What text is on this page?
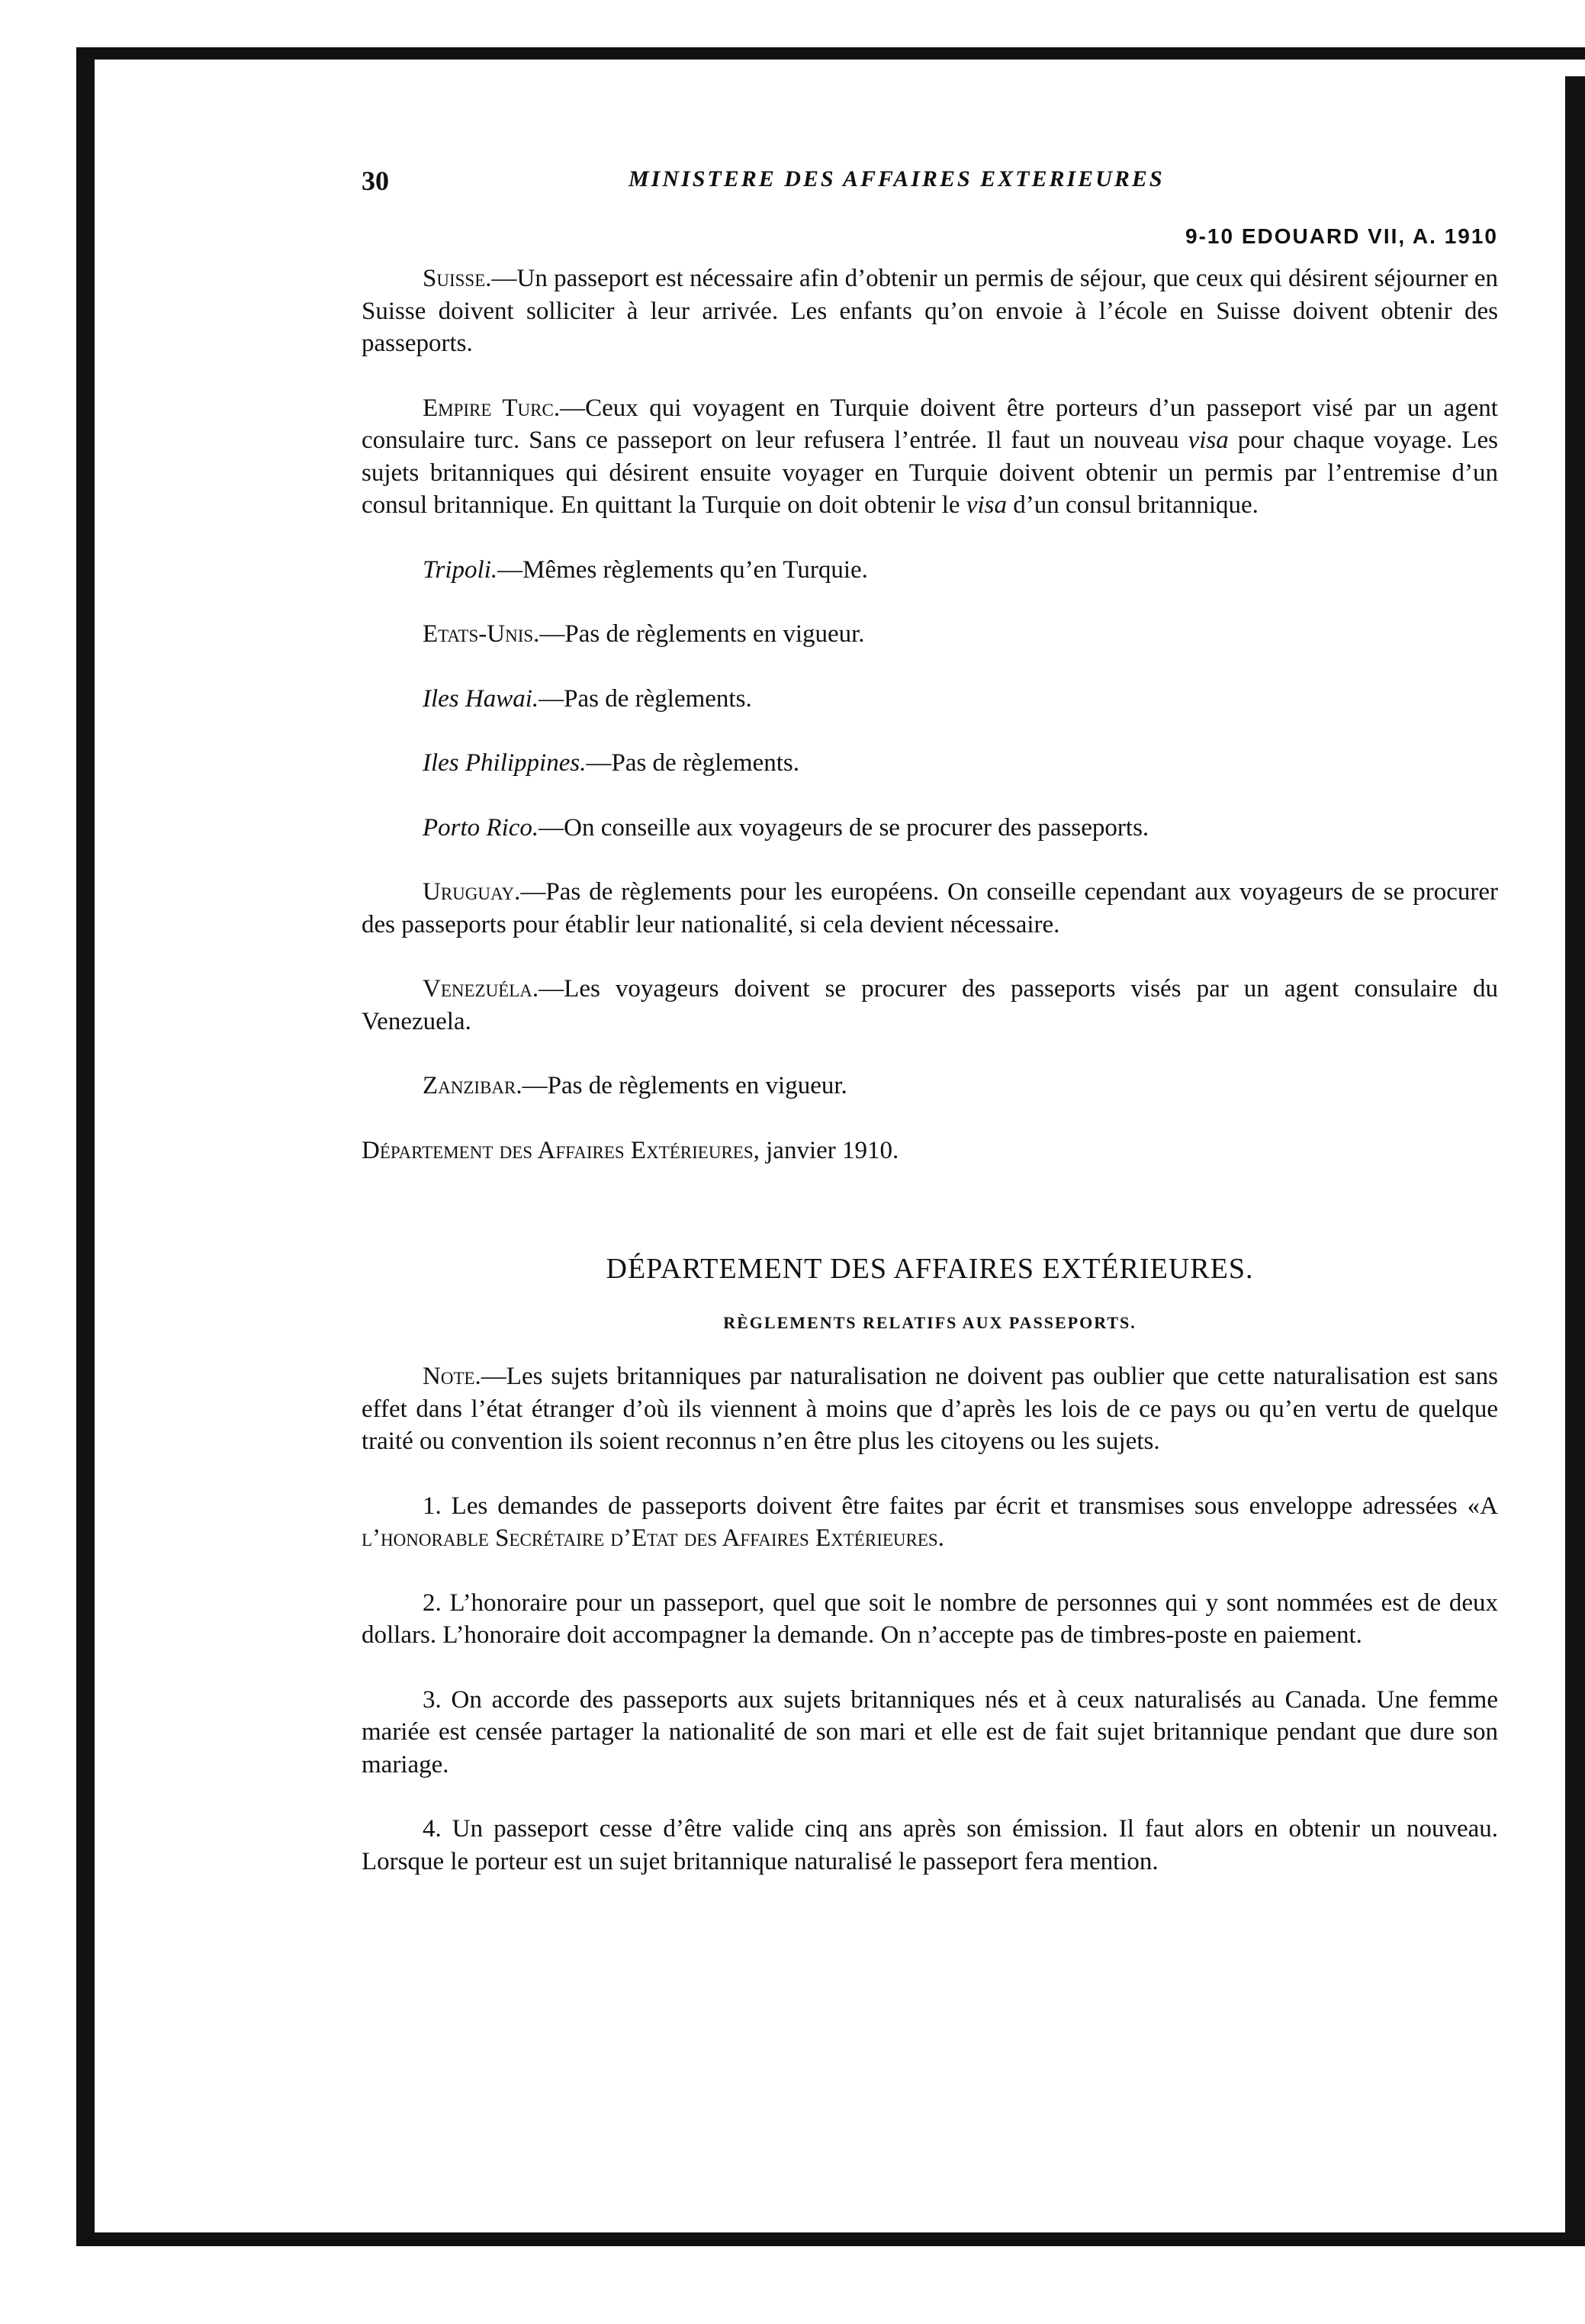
30	MINISTERE DES AFFAIRES EXTERIEURES
9-10 EDOUARD VII, A. 1910

Suisse.—Un passeport est nécessaire afin d’obtenir un permis de séjour, que ceux qui désirent séjourner en Suisse doivent solliciter à leur arrivée. Les enfants qu’on envoie à l’école en Suisse doivent obtenir des passeports.

Empire Turc.—Ceux qui voyagent en Turquie doivent être porteurs d’un passeport visé par un agent consulaire turc. Sans ce passeport on leur refusera l’entrée. Il faut un nouveau visa pour chaque voyage. Les sujets britanniques qui désirent ensuite voyager en Turquie doivent obtenir un permis par l’entremise d’un consul britannique. En quittant la Turquie on doit obtenir le visa d’un consul britannique.

Tripoli.—Mêmes règlements qu’en Turquie.

Etats-Unis.—Pas de règlements en vigueur.

Iles Hawai.—Pas de règlements.

Iles Philippines.—Pas de règlements.

Porto Rico.—On conseille aux voyageurs de se procurer des passeports.

Uruguay.—Pas de règlements pour les européens. On conseille cependant aux voyageurs de se procurer des passeports pour établir leur nationalité, si cela devient nécessaire.

Venezuéla.—Les voyageurs doivent se procurer des passeports visés par un agent consulaire du Venezuela.

Zanzibar.—Pas de règlements en vigueur.

Département des Affaires Extérieures, janvier 1910.

DÉPARTEMENT DES AFFAIRES EXTÉRIEURES.
RÈGLEMENTS RELATIFS AUX PASSEPORTS.

Note.—Les sujets britanniques par naturalisation ne doivent pas oublier que cette naturalisation est sans effet dans l’état étranger d’où ils viennent à moins que d’après les lois de ce pays ou qu’en vertu de quelque traité ou convention ils soient reconnus n’en être plus les citoyens ou les sujets.

1. Les demandes de passeports doivent être faites par écrit et transmises sous enveloppe adressées «A l’honorable Secrétaire d’Etat des Affaires Extérieures.

2. L’honoraire pour un passeport, quel que soit le nombre de personnes qui y sont nommées est de deux dollars. L’honoraire doit accompagner la demande. On n’accepte pas de timbres-poste en paiement.

3. On accorde des passeports aux sujets britanniques nés et à ceux naturalisés au Canada. Une femme mariée est censée partager la nationalité de son mari et elle est de fait sujet britannique pendant que dure son mariage.

4. Un passeport cesse d’être valide cinq ans après son émission. Il faut alors en obtenir un nouveau. Lorsque le porteur est un sujet britannique naturalisé le passeport fera mention.
